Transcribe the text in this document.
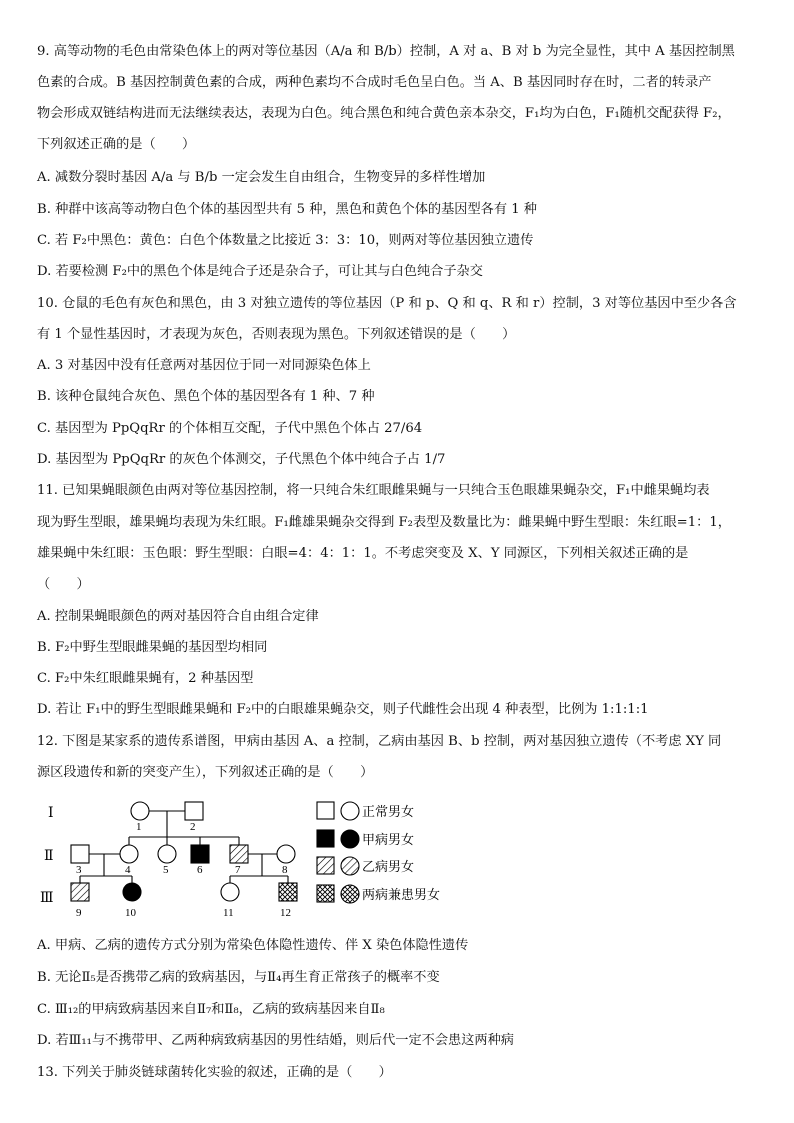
9. 高等动物的毛色由常染色体上的两对等位基因（A/a 和 B/b）控制，A 对 a、B 对 b 为完全显性，其中 A 基因控制黑
色素的合成。B 基因控制黄色素的合成，两种色素均不合成时毛色呈白色。当 A、B 基因同时存在时，二者的转录产
物会形成双链结构进而无法继续表达，表现为白色。纯合黑色和纯合黄色亲本杂交，F₁均为白色，F₁随机交配获得 F₂，
下列叙述正确的是（　　）
A. 减数分裂时基因 A/a 与 B/b 一定会发生自由组合，生物变异的多样性增加
B. 种群中该高等动物白色个体的基因型共有 5 种，黑色和黄色个体的基因型各有 1 种
C. 若 F₂中黑色：黄色：白色个体数量之比接近 3：3：10，则两对等位基因独立遗传
D. 若要检测 F₂中的黑色个体是纯合子还是杂合子，可让其与白色纯合子杂交
10. 仓鼠的毛色有灰色和黑色，由 3 对独立遗传的等位基因（P 和 p、Q 和 q、R 和 r）控制，3 对等位基因中至少各含
有 1 个显性基因时，才表现为灰色，否则表现为黑色。下列叙述错误的是（　　）
A. 3 对基因中没有任意两对基因位于同一对同源染色体上
B. 该种仓鼠纯合灰色、黑色个体的基因型各有 1 种、7 种
C. 基因型为 PpQqRr 的个体相互交配，子代中黑色个体占 27/64
D. 基因型为 PpQqRr 的灰色个体测交，子代黑色个体中纯合子占 1/7
11. 已知果蝇眼颜色由两对等位基因控制，将一只纯合朱红眼雌果蝇与一只纯合玉色眼雄果蝇杂交，F₁中雌果蝇均表
现为野生型眼，雄果蝇均表现为朱红眼。F₁雌雄果蝇杂交得到 F₂表型及数量比为：雌果蝇中野生型眼：朱红眼=1：1，
雄果蝇中朱红眼：玉色眼：野生型眼：白眼=4：4：1：1。不考虑突变及 X、Y 同源区，下列相关叙述正确的是
（　　）
A. 控制果蝇眼颜色的两对基因符合自由组合定律
B. F₂中野生型眼雌果蝇的基因型均相同
C. F₂中朱红眼雌果蝇有，2 种基因型
D. 若让 F₁中的野生型眼雌果蝇和 F₂中的白眼雄果蝇杂交，则子代雌性会出现 4 种表型，比例为 1:1:1:1
12. 下图是某家系的遗传系谱图，甲病由基因 A、a 控制，乙病由基因 B、b 控制，两对基因独立遗传（不考虑 XY 同
源区段遗传和新的突变产生），下列叙述正确的是（　　）
Ⅰ
Ⅱ
Ⅲ
1	2
3	4	5	6	7	8
9	10	11	12
正常男女
甲病男女
乙病男女
两病兼患男女
A. 甲病、乙病的遗传方式分别为常染色体隐性遗传、伴 X 染色体隐性遗传
B. 无论Ⅱ₅是否携带乙病的致病基因，与Ⅱ₄再生育正常孩子的概率不变
C. Ⅲ₁₂的甲病致病基因来自Ⅱ₇和Ⅱ₈，乙病的致病基因来自Ⅱ₈
D. 若Ⅲ₁₁与不携带甲、乙两种病致病基因的男性结婚，则后代一定不会患这两种病
13. 下列关于肺炎链球菌转化实验的叙述，正确的是（　　）
